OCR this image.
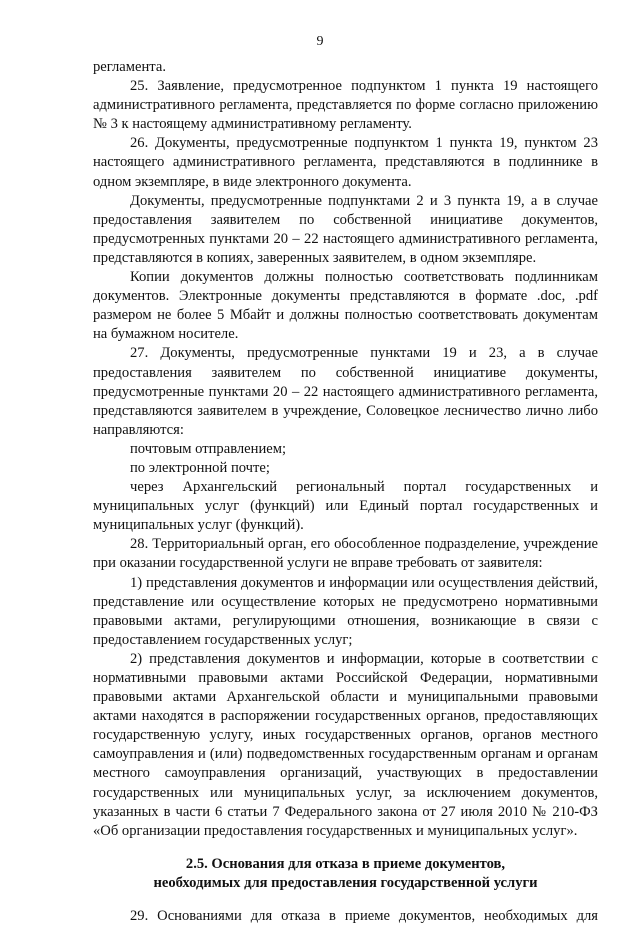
9

регламента.

25. Заявление, предусмотренное подпунктом 1 пункта 19 настоящего административного регламента, представляется по форме согласно приложению № 3 к настоящему административному регламенту.

26. Документы, предусмотренные подпунктом 1 пункта 19, пунктом 23 настоящего административного регламента, представляются в подлиннике в одном экземпляре, в виде электронного документа.

Документы, предусмотренные подпунктами 2 и 3 пункта 19, а в случае предоставления заявителем по собственной инициативе документов, предусмотренных пунктами 20 – 22 настоящего административного регламента, представляются в копиях, заверенных заявителем, в одном экземпляре.

Копии документов должны полностью соответствовать подлинникам документов. Электронные документы представляются в формате .doc, .pdf размером не более 5 Мбайт и должны полностью соответствовать документам на бумажном носителе.

27. Документы, предусмотренные пунктами 19 и 23, а в случае предоставления заявителем по собственной инициативе документы, предусмотренные пунктами 20 – 22 настоящего административного регламента, представляются заявителем в учреждение, Соловецкое лесничество лично либо направляются:

почтовым отправлением;

по электронной почте;

через Архангельский региональный портал государственных и муниципальных услуг (функций) или Единый портал государственных и муниципальных услуг (функций).

28. Территориальный орган, его обособленное подразделение, учреждение при оказании государственной услуги не вправе требовать от заявителя:

1) представления документов и информации или осуществления действий, представление или осуществление которых не предусмотрено нормативными правовыми актами, регулирующими отношения, возникающие в связи с предоставлением государственных услуг;

2) представления документов и информации, которые в соответствии с нормативными правовыми актами Российской Федерации, нормативными правовыми актами Архангельской области и муниципальными правовыми актами находятся в распоряжении государственных органов, предоставляющих государственную услугу, иных государственных органов, органов местного самоуправления и (или) подведомственных государственным органам и органам местного самоуправления организаций, участвующих в предоставлении государственных или муниципальных услуг, за исключением документов, указанных в части 6 статьи 7 Федерального закона от 27 июля 2010 № 210-ФЗ «Об организации предоставления государственных и муниципальных услуг».

2.5. Основания для отказа в приеме документов,
необходимых для предоставления государственной услуги

29. Основаниями для отказа в приеме документов, необходимых для
